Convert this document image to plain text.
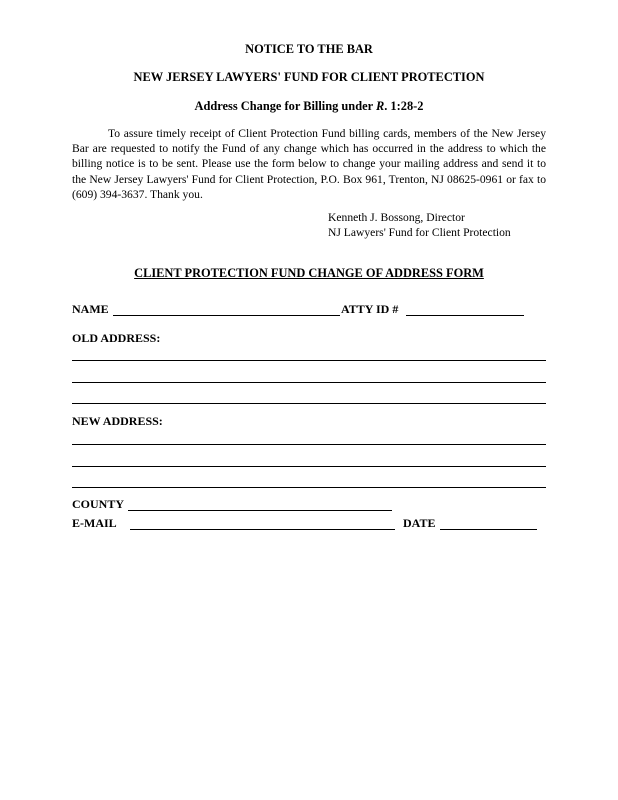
NOTICE TO THE BAR
NEW JERSEY LAWYERS' FUND FOR CLIENT PROTECTION
Address Change for Billing under R. 1:28-2
To assure timely receipt of Client Protection Fund billing cards, members of the New Jersey Bar are requested to notify the Fund of any change which has occurred in the address to which the billing notice is to be sent. Please use the form below to change your mailing address and send it to the New Jersey Lawyers' Fund for Client Protection, P.O. Box 961, Trenton, NJ 08625-0961 or fax to (609) 394-3637. Thank you.
Kenneth J. Bossong, Director
NJ Lawyers' Fund for Client Protection
CLIENT PROTECTION FUND CHANGE OF ADDRESS FORM
NAME	ATTY ID #
OLD ADDRESS:
NEW ADDRESS:
COUNTY
E-MAIL	DATE
